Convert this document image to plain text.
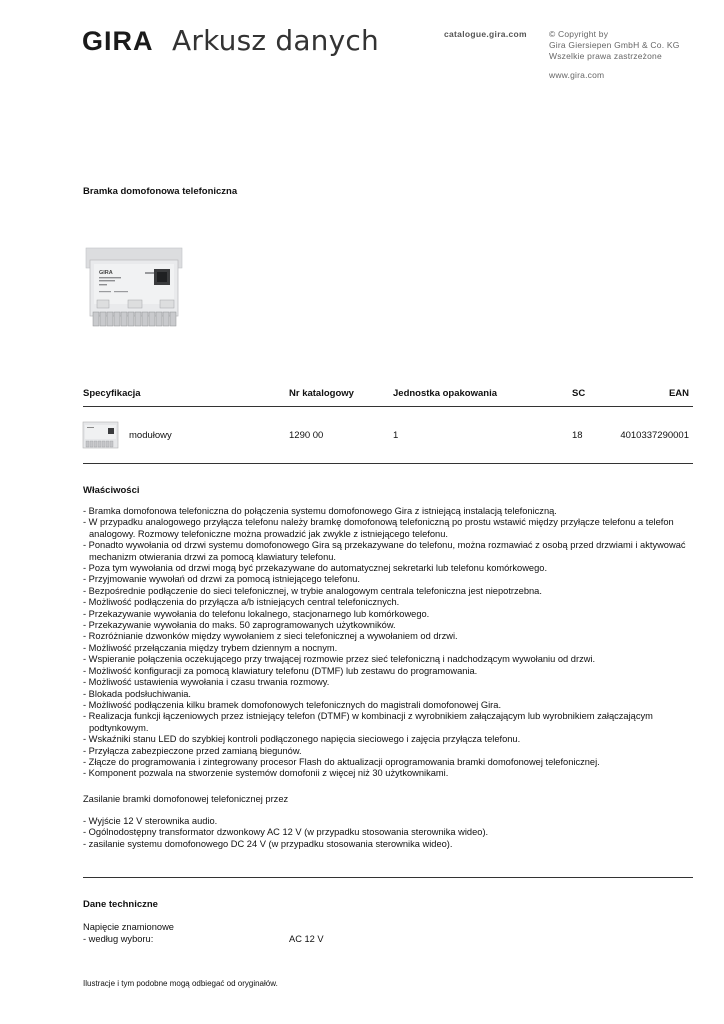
GIRA Arkusz danych	catalogue.gira.com	© Copyright by
Gira Giersiepen GmbH & Co. KG
Wszelkie prawa zastrzeżone
www.gira.com
Bramka domofonowa telefoniczna
GIRA
Specyfikacja	Nr katalogowy	Jednostka opakowania	SC	EAN
modułowy	1290 00	1	18	4010337290001
Właściwości
- Bramka domofonowa telefoniczna do połączenia systemu domofonowego Gira z istniejącą instalacją telefoniczną.
- W przypadku analogowego przyłącza telefonu należy bramkę domofonową telefoniczną po prostu wstawić między przyłącze telefonu a telefon analogowy. Rozmowy telefoniczne można prowadzić jak zwykle z istniejącego telefonu.
- Ponadto wywołania od drzwi systemu domofonowego Gira są przekazywane do telefonu, można rozmawiać z osobą przed drzwiami i aktywować mechanizm otwierania drzwi za pomocą klawiatury telefonu.
- Poza tym wywołania od drzwi mogą być przekazywane do automatycznej sekretarki lub telefonu komórkowego.
- Przyjmowanie wywołań od drzwi za pomocą istniejącego telefonu.
- Bezpośrednie podłączenie do sieci telefonicznej, w trybie analogowym centrala telefoniczna jest niepotrzebna.
- Możliwość podłączenia do przyłącza a/b istniejących central telefonicznych.
- Przekazywanie wywołania do telefonu lokalnego, stacjonarnego lub komórkowego.
- Przekazywanie wywołania do maks. 50 zaprogramowanych użytkowników.
- Rozróżnianie dzwonków między wywołaniem z sieci telefonicznej a wywołaniem od drzwi.
- Możliwość przełączania między trybem dziennym a nocnym.
- Wspieranie połączenia oczekującego przy trwającej rozmowie przez sieć telefoniczną i nadchodzącym wywołaniu od drzwi.
- Możliwość konfiguracji za pomocą klawiatury telefonu (DTMF) lub zestawu do programowania.
- Możliwość ustawienia wywołania i czasu trwania rozmowy.
- Blokada podsłuchiwania.
- Możliwość podłączenia kilku bramek domofonowych telefonicznych do magistrali domofonowej Gira.
- Realizacja funkcji łączeniowych przez istniejący telefon (DTMF) w kombinacji z wyrobnikiem załączającym lub wyrobnikiem załączającym podtynkowym.
- Wskaźniki stanu LED do szybkiej kontroli podłączonego napięcia sieciowego i zajęcia przyłącza telefonu.
- Przyłącza zabezpieczone przed zamianą biegunów.
- Złącze do programowania i zintegrowany procesor Flash do aktualizacji oprogramowania bramki domofonowej telefonicznej.
- Komponent pozwala na stworzenie systemów domofonii z więcej niż 30 użytkownikami.
Zasilanie bramki domofonowej telefonicznej przez
- Wyjście 12 V sterownika audio.
- Ogólnodostępny transformator dzwonkowy AC 12 V (w przypadku stosowania sterownika wideo).
- zasilanie systemu domofonowego DC 24 V (w przypadku stosowania sterownika wideo).
Dane techniczne
Napięcie znamionowe
- według wyboru:	AC 12 V
Ilustracje i tym podobne mogą odbiegać od oryginałów.
